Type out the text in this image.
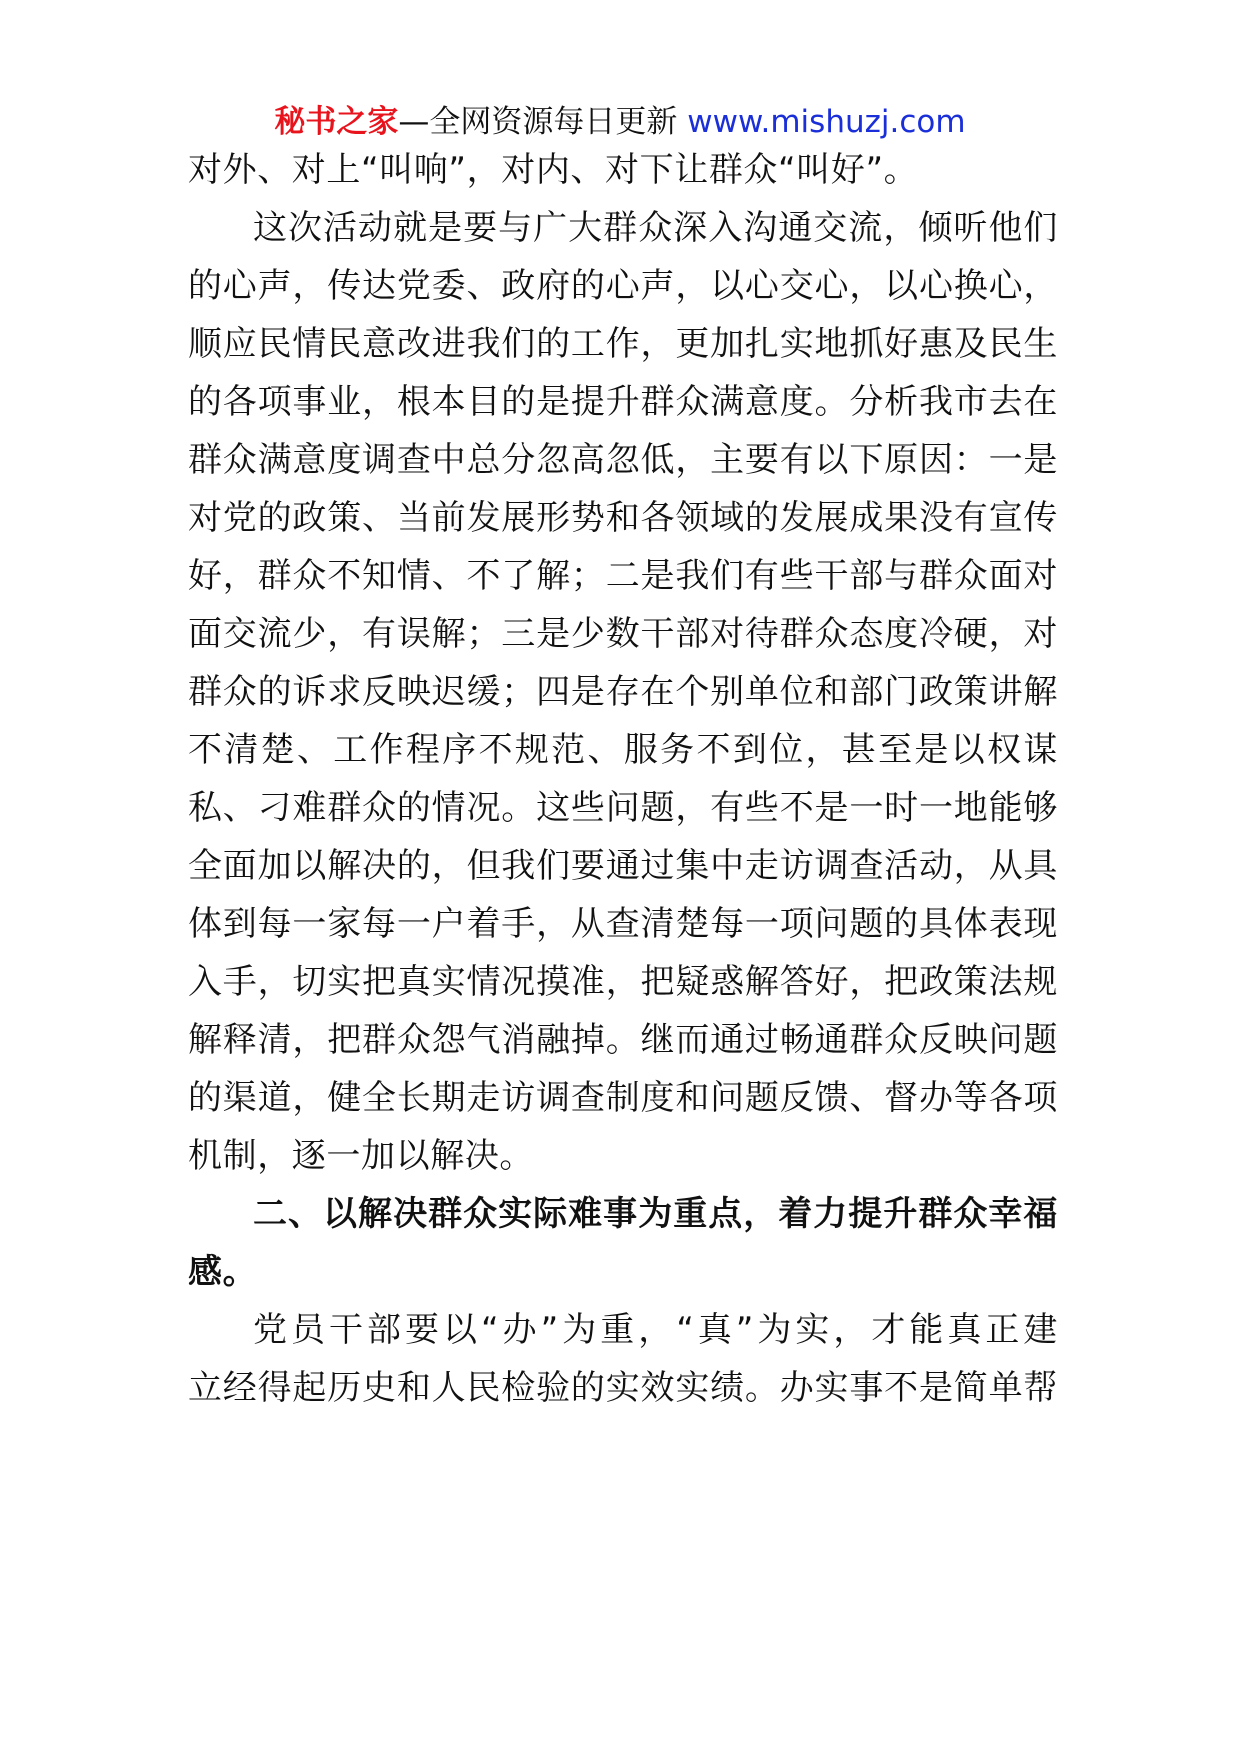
秘书之家—全网资源每日更新 www.mishuzj.com
对外、对上“叫响”，对内、对下让群众“叫好”。
这次活动就是要与广大群众深入沟通交流，倾听他们
的心声，传达党委、政府的心声，以心交心，以心换心，
顺应民情民意改进我们的工作，更加扎实地抓好惠及民生
的各项事业，根本目的是提升群众满意度。分析我市去在
群众满意度调查中总分忽高忽低，主要有以下原因：一是
对党的政策、当前发展形势和各领域的发展成果没有宣传
好，群众不知情、不了解；二是我们有些干部与群众面对
面交流少，有误解；三是少数干部对待群众态度冷硬，对
群众的诉求反映迟缓；四是存在个别单位和部门政策讲解
不清楚、工作程序不规范、服务不到位，甚至是以权谋
私、刁难群众的情况。这些问题，有些不是一时一地能够
全面加以解决的，但我们要通过集中走访调查活动，从具
体到每一家每一户着手，从查清楚每一项问题的具体表现
入手，切实把真实情况摸准，把疑惑解答好，把政策法规
解释清，把群众怨气消融掉。继而通过畅通群众反映问题
的渠道，健全长期走访调查制度和问题反馈、督办等各项
机制，逐一加以解决。
二、以解决群众实际难事为重点，着力提升群众幸福
感。
党员干部要以“办”为重，“真”为实，才能真正建
立经得起历史和人民检验的实效实绩。办实事不是简单帮
